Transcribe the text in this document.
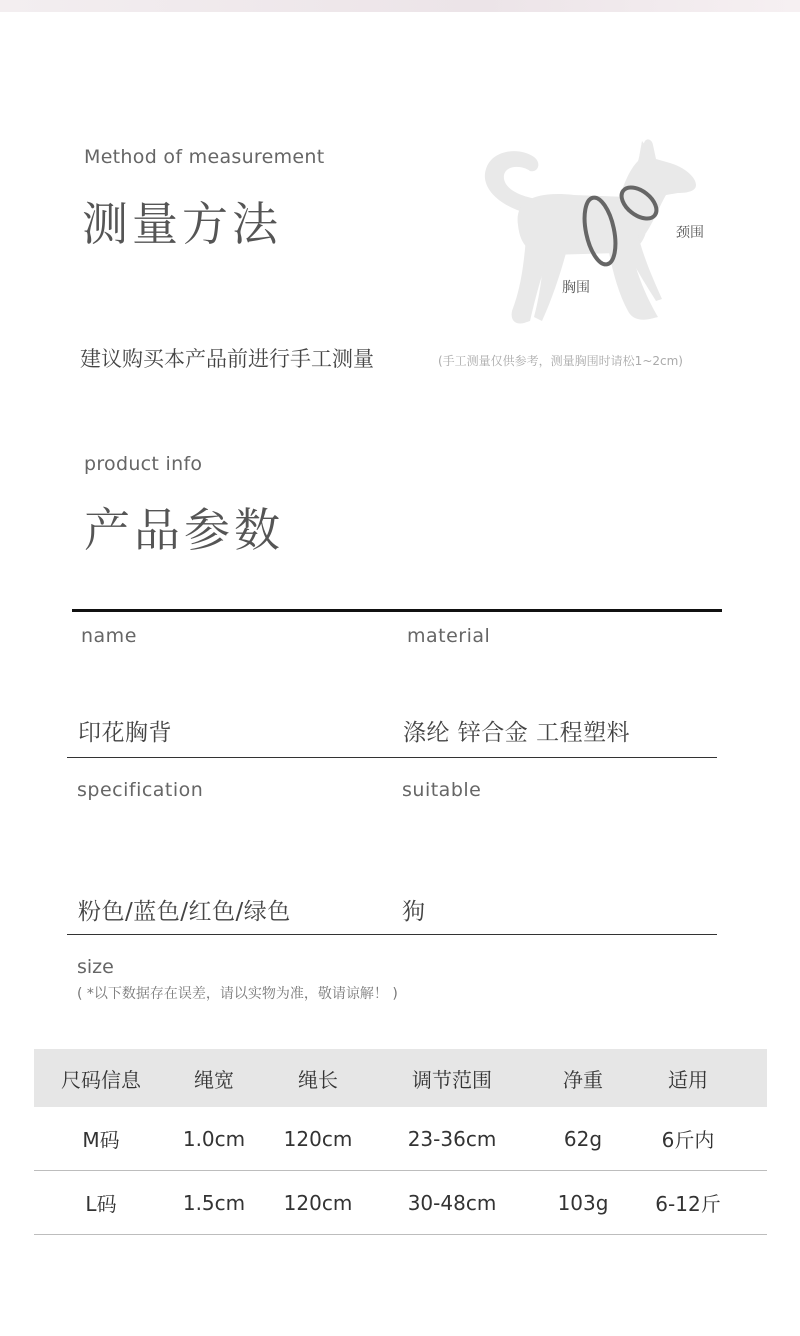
Method of measurement
测量方法	颈围
胸围
建议购买本产品前进行手工测量	(手工测量仅供参考，测量胸围时请松1~2cm)
product info
产品参数
name	material
印花胸背	涤纶 锌合金 工程塑料
specification	suitable
粉色/蓝色/红色/绿色	狗
size
( *以下数据存在误差，请以实物为准，敬请谅解！ )
尺码信息	绳宽	绳长	调节范围	净重	适用
M码	1.0cm	120cm	23-36cm	62g	6斤内
L码	1.5cm	120cm	30-48cm	103g	6-12斤
